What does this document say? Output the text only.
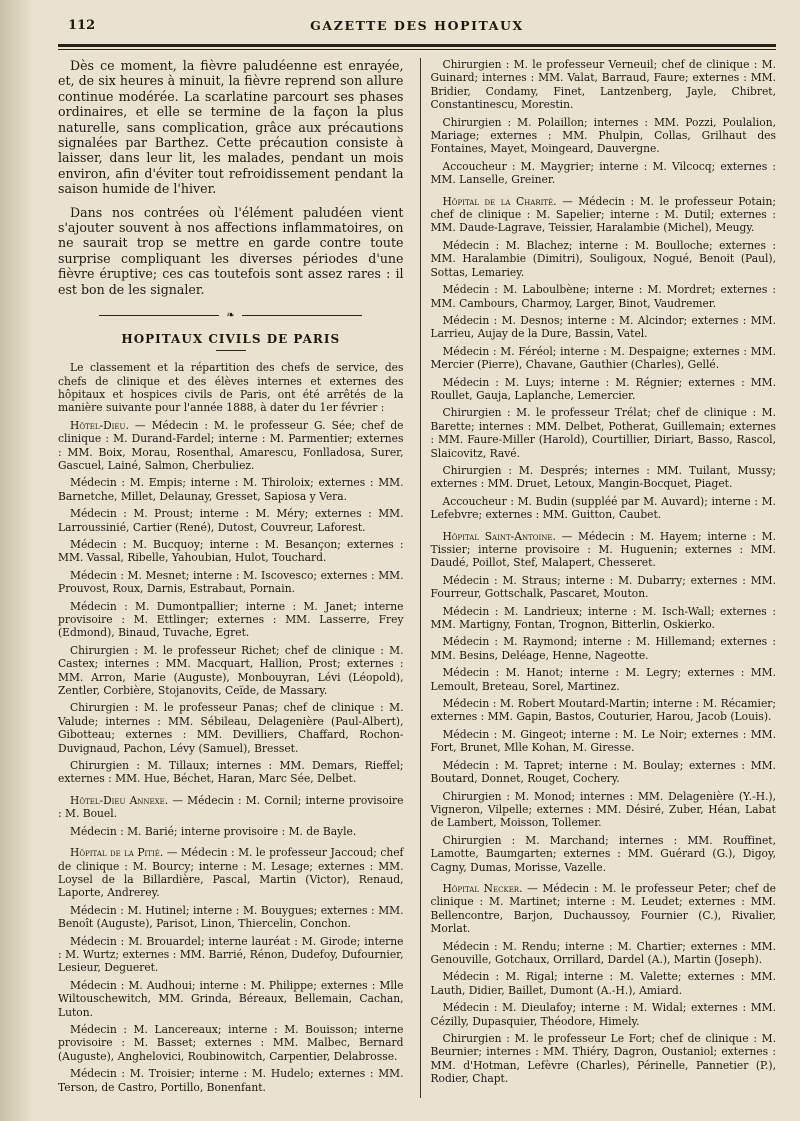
112	GAZETTE DES HOPITAUX

Dès ce moment, la fièvre paludéenne est enrayée, et, de six heures à minuit, la fièvre reprend son allure continue modérée. La scarlatine parcourt ses phases ordinaires, et elle se termine de la façon la plus naturelle, sans complication, grâce aux précautions signalées par Barthez. Cette précaution consiste à laisser, dans leur lit, les malades, pendant un mois environ, afin d'éviter tout refroidissement pendant la saison humide de l'hiver.

Dans nos contrées où l'élément paludéen vient s'ajouter souvent à nos affections inflammatoires, on ne saurait trop se mettre en garde contre toute surprise compliquant les diverses périodes d'une fièvre éruptive; ces cas toutefois sont assez rares : il est bon de les signaler.

❧
HOPITAUX CIVILS DE PARIS

Le classement et la répartition des chefs de service, des chefs de clinique et des élèves internes et externes des hôpitaux et hospices civils de Paris, ont été arrêtés de la manière suivante pour l'année 1888, à dater du 1er février :

Hôtel-Dieu. — Médecin : M. le professeur G. Sée; chef de clinique : M. Durand-Fardel; interne : M. Parmentier; externes : MM. Boix, Morau, Rosenthal, Amarescu, Fonlladosa, Surer, Gascuel, Lainé, Salmon, Cherbuliez.

Médecin : M. Empis; interne : M. Thiroloix; externes : MM. Barnetche, Millet, Delaunay, Gresset, Sapiosa y Vera.

Médecin : M. Proust; interne : M. Méry; externes : MM. Larroussinié, Cartier (René), Dutost, Couvreur, Laforest.

Médecin : M. Bucquoy; interne : M. Besançon; externes : MM. Vassal, Ribelle, Yahoubian, Hulot, Touchard.

Médecin : M. Mesnet; interne : M. Iscovesco; externes : MM. Prouvost, Roux, Darnis, Estrabaut, Pornain.

Médecin : M. Dumontpallier; interne : M. Janet; interne provisoire : M. Ettlinger; externes : MM. Lasserre, Frey (Edmond), Binaud, Tuvache, Egret.

Chirurgien : M. le professeur Richet; chef de clinique : M. Castex; internes : MM. Macquart, Hallion, Prost; externes : MM. Arron, Marie (Auguste), Monbouyran, Lévi (Léopold), Zentler, Corbière, Stojanovits, Ceïde, de Massary.

Chirurgien : M. le professeur Panas; chef de clinique : M. Valude; internes : MM. Sébileau, Delagenière (Paul-Albert), Gibotteau; externes : MM. Devilliers, Chaffard, Rochon-Duvignaud, Pachon, Lévy (Samuel), Bresset.

Chirurgien : M. Tillaux; internes : MM. Demars, Rieffel; externes : MM. Hue, Béchet, Haran, Marc Sée, Delbet.

Hôtel-Dieu Annexe. — Médecin : M. Cornil; interne provisoire : M. Bouel.

Médecin : M. Barié; interne provisoire : M. de Bayle.

Hôpital de la Pitié. — Médecin : M. le professeur Jaccoud; chef de clinique : M. Bourcy; interne : M. Lesage; externes : MM. Loysel de la Billardière, Pascal, Martin (Victor), Renaud, Laporte, Andrerey.

Médecin : M. Hutinel; interne : M. Bouygues; externes : MM. Benoît (Auguste), Parisot, Linon, Thiercelin, Conchon.

Médecin : M. Brouardel; interne lauréat : M. Girode; interne : M. Wurtz; externes : MM. Barrié, Rénon, Dudefoy, Dufournier, Lesieur, Degueret.

Médecin : M. Audhoui; interne : M. Philippe; externes : Mlle Wiltouschewitch, MM. Grinda, Béreaux, Bellemain, Cachan, Luton.

Médecin : M. Lancereaux; interne : M. Bouisson; interne provisoire : M. Basset; externes : MM. Malbec, Bernard (Auguste), Anghelovici, Roubinowitch, Carpentier, Delabrosse.

Médecin : M. Troisier; interne : M. Hudelo; externes : MM. Terson, de Castro, Portillo, Bonenfant.

Chirurgien : M. le professeur Verneuil; chef de clinique : M. Guinard; internes : MM. Valat, Barraud, Faure; externes : MM. Bridier, Condamy, Finet, Lantzenberg, Jayle, Chibret, Constantinescu, Morestin.

Chirurgien : M. Polaillon; internes : MM. Pozzi, Poulalion, Mariage; externes : MM. Phulpin, Collas, Grilhaut des Fontaines, Mayet, Moingeard, Dauvergne.

Accoucheur : M. Maygrier; interne : M. Vilcocq; externes : MM. Lanselle, Greiner.

Hôpital de la Charité. — Médecin : M. le professeur Potain; chef de clinique : M. Sapelier; interne : M. Dutil; externes : MM. Daude-Lagrave, Teissier, Haralambie (Michel), Meugy.

Médecin : M. Blachez; interne : M. Boulloche; externes : MM. Haralambie (Dimitri), Souligoux, Nogué, Benoit (Paul), Sottas, Lemariey.

Médecin : M. Laboulbène; interne : M. Mordret; externes : MM. Cambours, Charmoy, Larger, Binot, Vaudremer.

Médecin : M. Desnos; interne : M. Alcindor; externes : MM. Larrieu, Aujay de la Dure, Bassin, Vatel.

Médecin : M. Féréol; interne : M. Despaigne; externes : MM. Mercier (Pierre), Chavane, Gauthier (Charles), Gellé.

Médecin : M. Luys; interne : M. Régnier; externes : MM. Roullet, Gauja, Laplanche, Lemercier.

Chirurgien : M. le professeur Trélat; chef de clinique : M. Barette; internes : MM. Delbet, Potherat, Guillemain; externes : MM. Faure-Miller (Harold), Courtillier, Diriart, Basso, Rascol, Slaicovitz, Ravé.

Chirurgien : M. Després; internes : MM. Tuilant, Mussy; externes : MM. Druet, Letoux, Mangin-Bocquet, Piaget.

Accoucheur : M. Budin (suppléé par M. Auvard); interne : M. Lefebvre; externes : MM. Guitton, Caubet.

Hôpital Saint-Antoine. — Médecin : M. Hayem; interne : M. Tissier; interne provisoire : M. Huguenin; externes : MM. Daudé, Poillot, Stef, Malapert, Chesseret.

Médecin : M. Straus; interne : M. Dubarry; externes : MM. Fourreur, Gottschalk, Pascaret, Mouton.

Médecin : M. Landrieux; interne : M. Isch-Wall; externes : MM. Martigny, Fontan, Trognon, Bitterlin, Oskierko.

Médecin : M. Raymond; interne : M. Hillemand; externes : MM. Besins, Deléage, Henne, Nageotte.

Médecin : M. Hanot; interne : M. Legry; externes : MM. Lemoult, Breteau, Sorel, Martinez.

Médecin : M. Robert Moutard-Martin; interne : M. Récamier; externes : MM. Gapin, Bastos, Couturier, Harou, Jacob (Louis).

Médecin : M. Gingeot; interne : M. Le Noir; externes : MM. Fort, Brunet, Mlle Kohan, M. Giresse.

Médecin : M. Tapret; interne : M. Boulay; externes : MM. Boutard, Donnet, Rouget, Cochery.

Chirurgien : M. Monod; internes : MM. Delagenière (Y.-H.), Vigneron, Vilpelle; externes : MM. Désiré, Zuber, Héan, Labat de Lambert, Moisson, Tollemer.

Chirurgien : M. Marchand; internes : MM. Rouffinet, Lamotte, Baumgarten; externes : MM. Guérard (G.), Digoy, Cagny, Dumas, Morisse, Vazelle.

Hôpital Necker. — Médecin : M. le professeur Peter; chef de clinique : M. Martinet; interne : M. Leudet; externes : MM. Bellencontre, Barjon, Duchaussoy, Fournier (C.), Rivalier, Morlat.

Médecin : M. Rendu; interne : M. Chartier; externes : MM. Genouville, Gotchaux, Orrillard, Dardel (A.), Martin (Joseph).

Médecin : M. Rigal; interne : M. Valette; externes : MM. Lauth, Didier, Baillet, Dumont (A.-H.), Amiard.

Médecin : M. Dieulafoy; interne : M. Widal; externes : MM. Cézilly, Dupasquier, Théodore, Himely.

Chirurgien : M. le professeur Le Fort; chef de clinique : M. Beurnier; internes : MM. Thiéry, Dagron, Oustaniol; externes : MM. d'Hotman, Lefèvre (Charles), Périnelle, Pannetier (P.), Rodier, Chapt.
